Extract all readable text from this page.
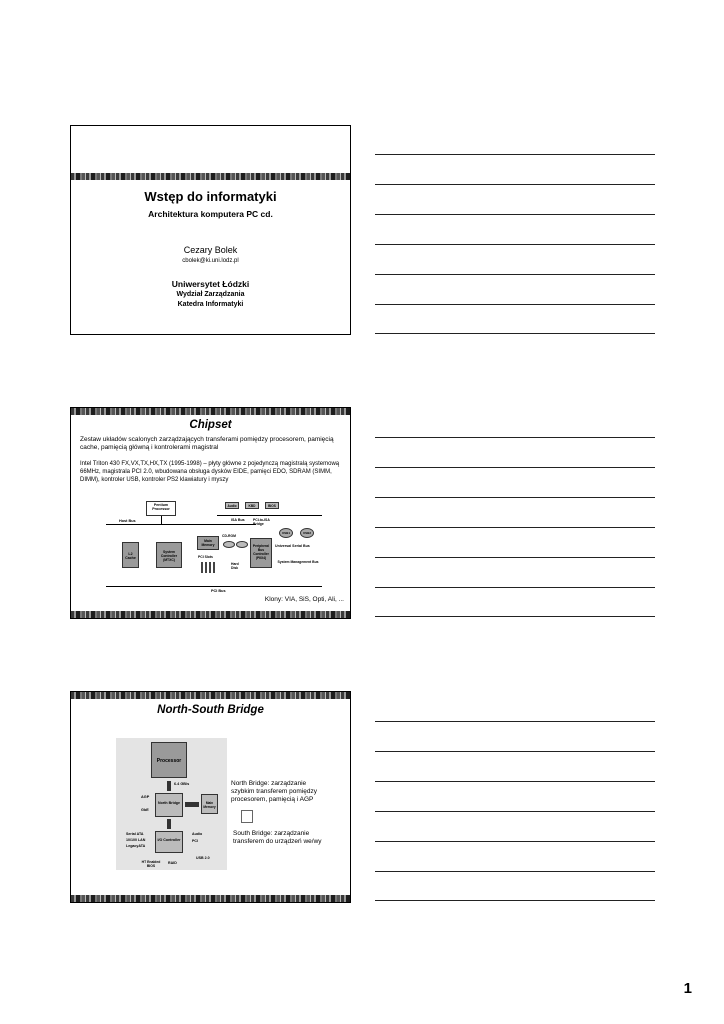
Wstęp do informatyki
Architektura komputera PC cd.
Cezary Bolek
cbolek@ki.uni.lodz.pl
Uniwersytet Łódzki
Wydział Zarządzania
Katedra Informatyki
Chipset
Zestaw układów scalonych zarządzających transferami pomiędzy procesorem, pamięcią cache, pamięcią główną i kontrolerami magistral
Intel Triton 430 FX,VX,TX,HX,TX (1995-1998) – płyty główne z pojedynczą magistralą systemową 66MHz, magistrala PCI 2.0, wbudowana obsługa dysków EIDE, pamięci EDO, SDRAM (SIMM, DIMM), kontroler USB, kontroler PS2 klawiatury i myszy
Pentium Processor
Host Bus
L2 Cache
System Controller (MTXC)
Main Memory
PCI Slots
Audio	KBD	BIOS
ISA Bus PCI-to-ISA Bridge
CD-ROM
Peripheral Bus Controller (PIIX4)
Hard Disk
Universal Serial Bus
System Management Bus
USB1	USB2
PCI Bus
Klony: VIA, SiS, Opti, Ali, ...
North-South Bridge
Processor
6.4 GB/s
North Bridge
AGP
GbE
Main Memory
I/O Controller
Serial ATA
10/100 LAN
LegacyATA
Audio
PCI
HT Enabled BIOS
RAID
USB 2.0
North Bridge: zarządzanie szybkim transferem pomiędzy procesorem, pamięcią i AGP
South Bridge: zarządzanie transferem do urządzeń we/wy
1
